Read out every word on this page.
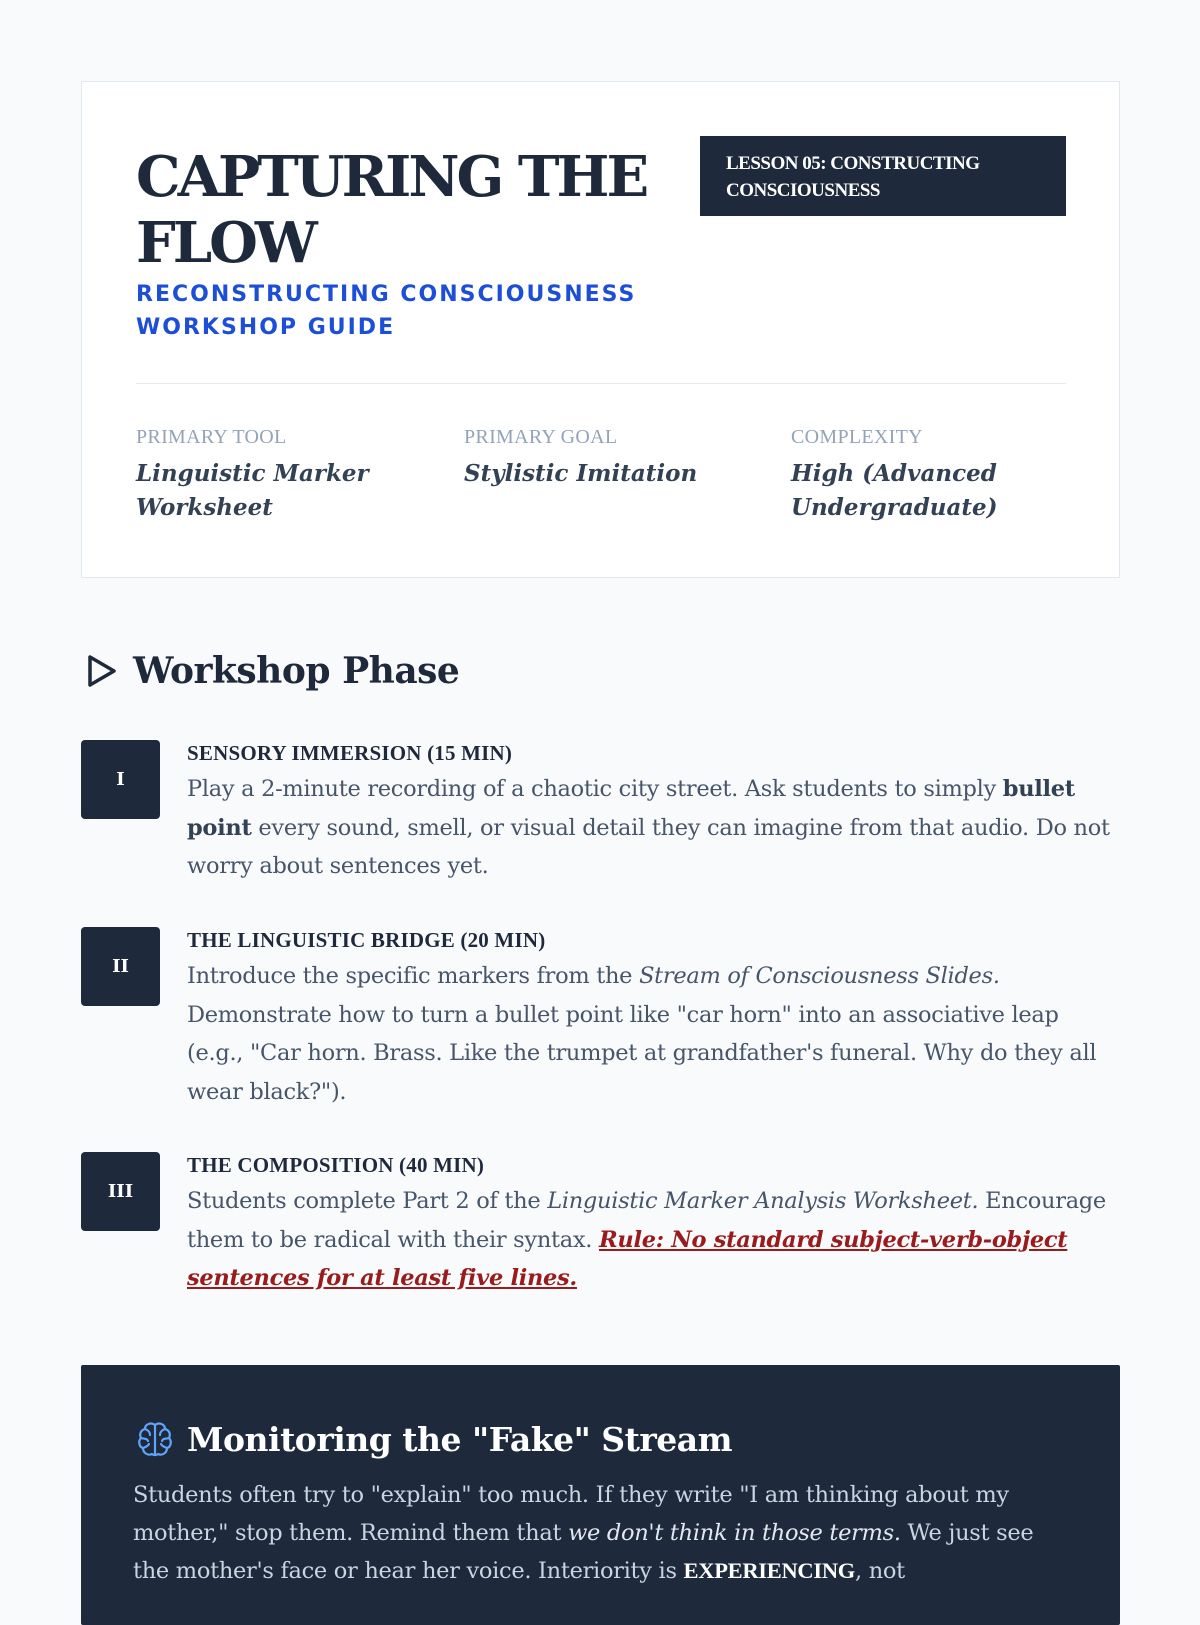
CAPTURING THE FLOW
RECONSTRUCTING CONSCIOUSNESS WORKSHOP GUIDE
LESSON 05: CONSTRUCTING CONSCIOUSNESS
PRIMARY TOOL
Linguistic Marker Worksheet
PRIMARY GOAL
Stylistic Imitation
COMPLEXITY
High (Advanced Undergraduate)
Workshop Phase
I
SENSORY IMMERSION (15 MIN)
Play a 2-minute recording of a chaotic city street. Ask students to simply bullet point every sound, smell, or visual detail they can imagine from that audio. Do not worry about sentences yet.
II
THE LINGUISTIC BRIDGE (20 MIN)
Introduce the specific markers from the Stream of Consciousness Slides. Demonstrate how to turn a bullet point like "car horn" into an associative leap (e.g., "Car horn. Brass. Like the trumpet at grandfather's funeral. Why do they all wear black?").
III
THE COMPOSITION (40 MIN)
Students complete Part 2 of the Linguistic Marker Analysis Worksheet. Encourage them to be radical with their syntax. Rule: No standard subject-verb-object sentences for at least five lines.
Monitoring the "Fake" Stream
Students often try to "explain" too much. If they write "I am thinking about my mother," stop them. Remind them that we don't think in those terms. We just see the mother's face or hear her voice. Interiority is EXPERIENCING, not
